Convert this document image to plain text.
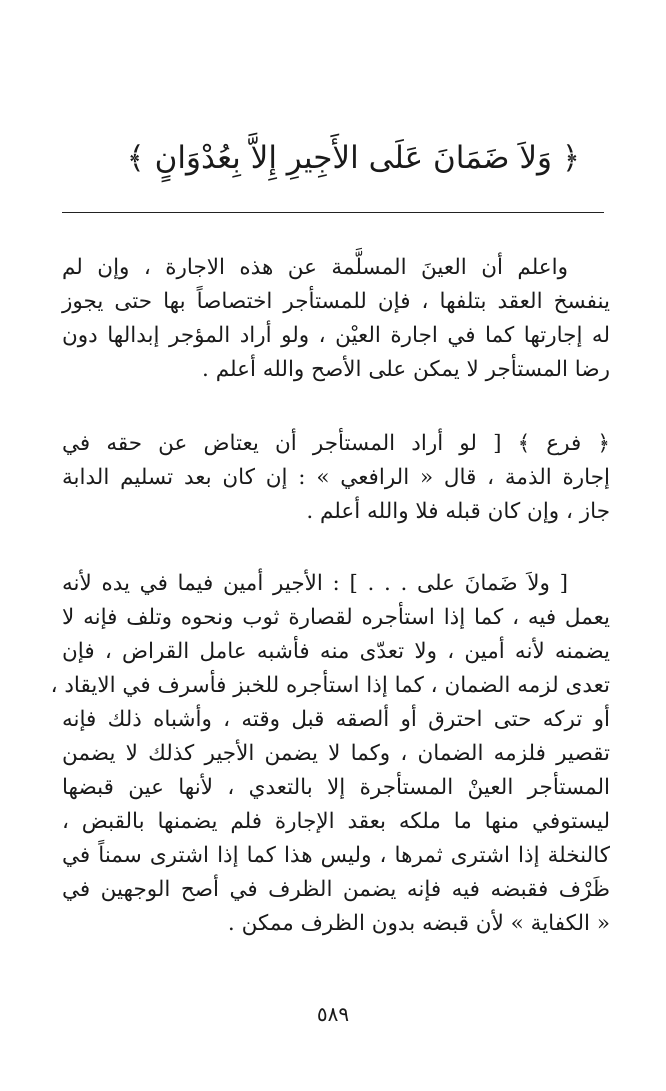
﴿ وَلاَ ضَمَانَ عَلَى الأَجِيرِ إِلاَّ بِعُدْوَانٍ ﴾
واعلم أن العينَ المسلَّمة عن هذه الاجارة ، وإن لم
ينفسخ العقد بتلفها ، فإن للمستأجر اختصاصاً بها حتى يجوز
له إجارتها كما في اجارة العيْن ، ولو أراد المؤجر إبدالها دون
رضا المستأجر لا يمكن على الأصح والله أعلم .
﴿ فرع ﴾ [ لو أراد المستأجر أن يعتاض عن حقه في
إجارة الذمة ، قال « الرافعي » : إن كان بعد تسليم الدابة
جاز ، وإن كان قبله فلا والله أعلم .
[ ولاَ ضَمانَ على . . . ] : الأجير أمين فيما في يده لأنه
يعمل فيه ، كما إذا استأجره لقصارة ثوب ونحوه وتلف فإنه لا
يضمنه لأنه أمين ، ولا تعدّى منه فأشبه عامل القراض ، فإن
تعدى لزمه الضمان ، كما إذا استأجره للخبز فأسرف في الايقاد ،
أو تركه حتى احترق أو ألصقه قبل وقته ، وأشباه ذلك فإنه
تقصير فلزمه الضمان ، وكما لا يضمن الأجير كذلك لا يضمن
المستأجر العينْ المستأجرة إلا بالتعدي ، لأنها عين قبضها
ليستوفي منها ما ملكه بعقد الإجارة فلم يضمنها بالقبض ،
كالنخلة إذا اشترى ثمرها ، وليس هذا كما إذا اشترى سمناً في
ظَرْف فقبضه فيه فإنه يضمن الظرف في أصح الوجهين في
« الكفاية » لأن قبضه بدون الظرف ممكن .
٥٨٩
